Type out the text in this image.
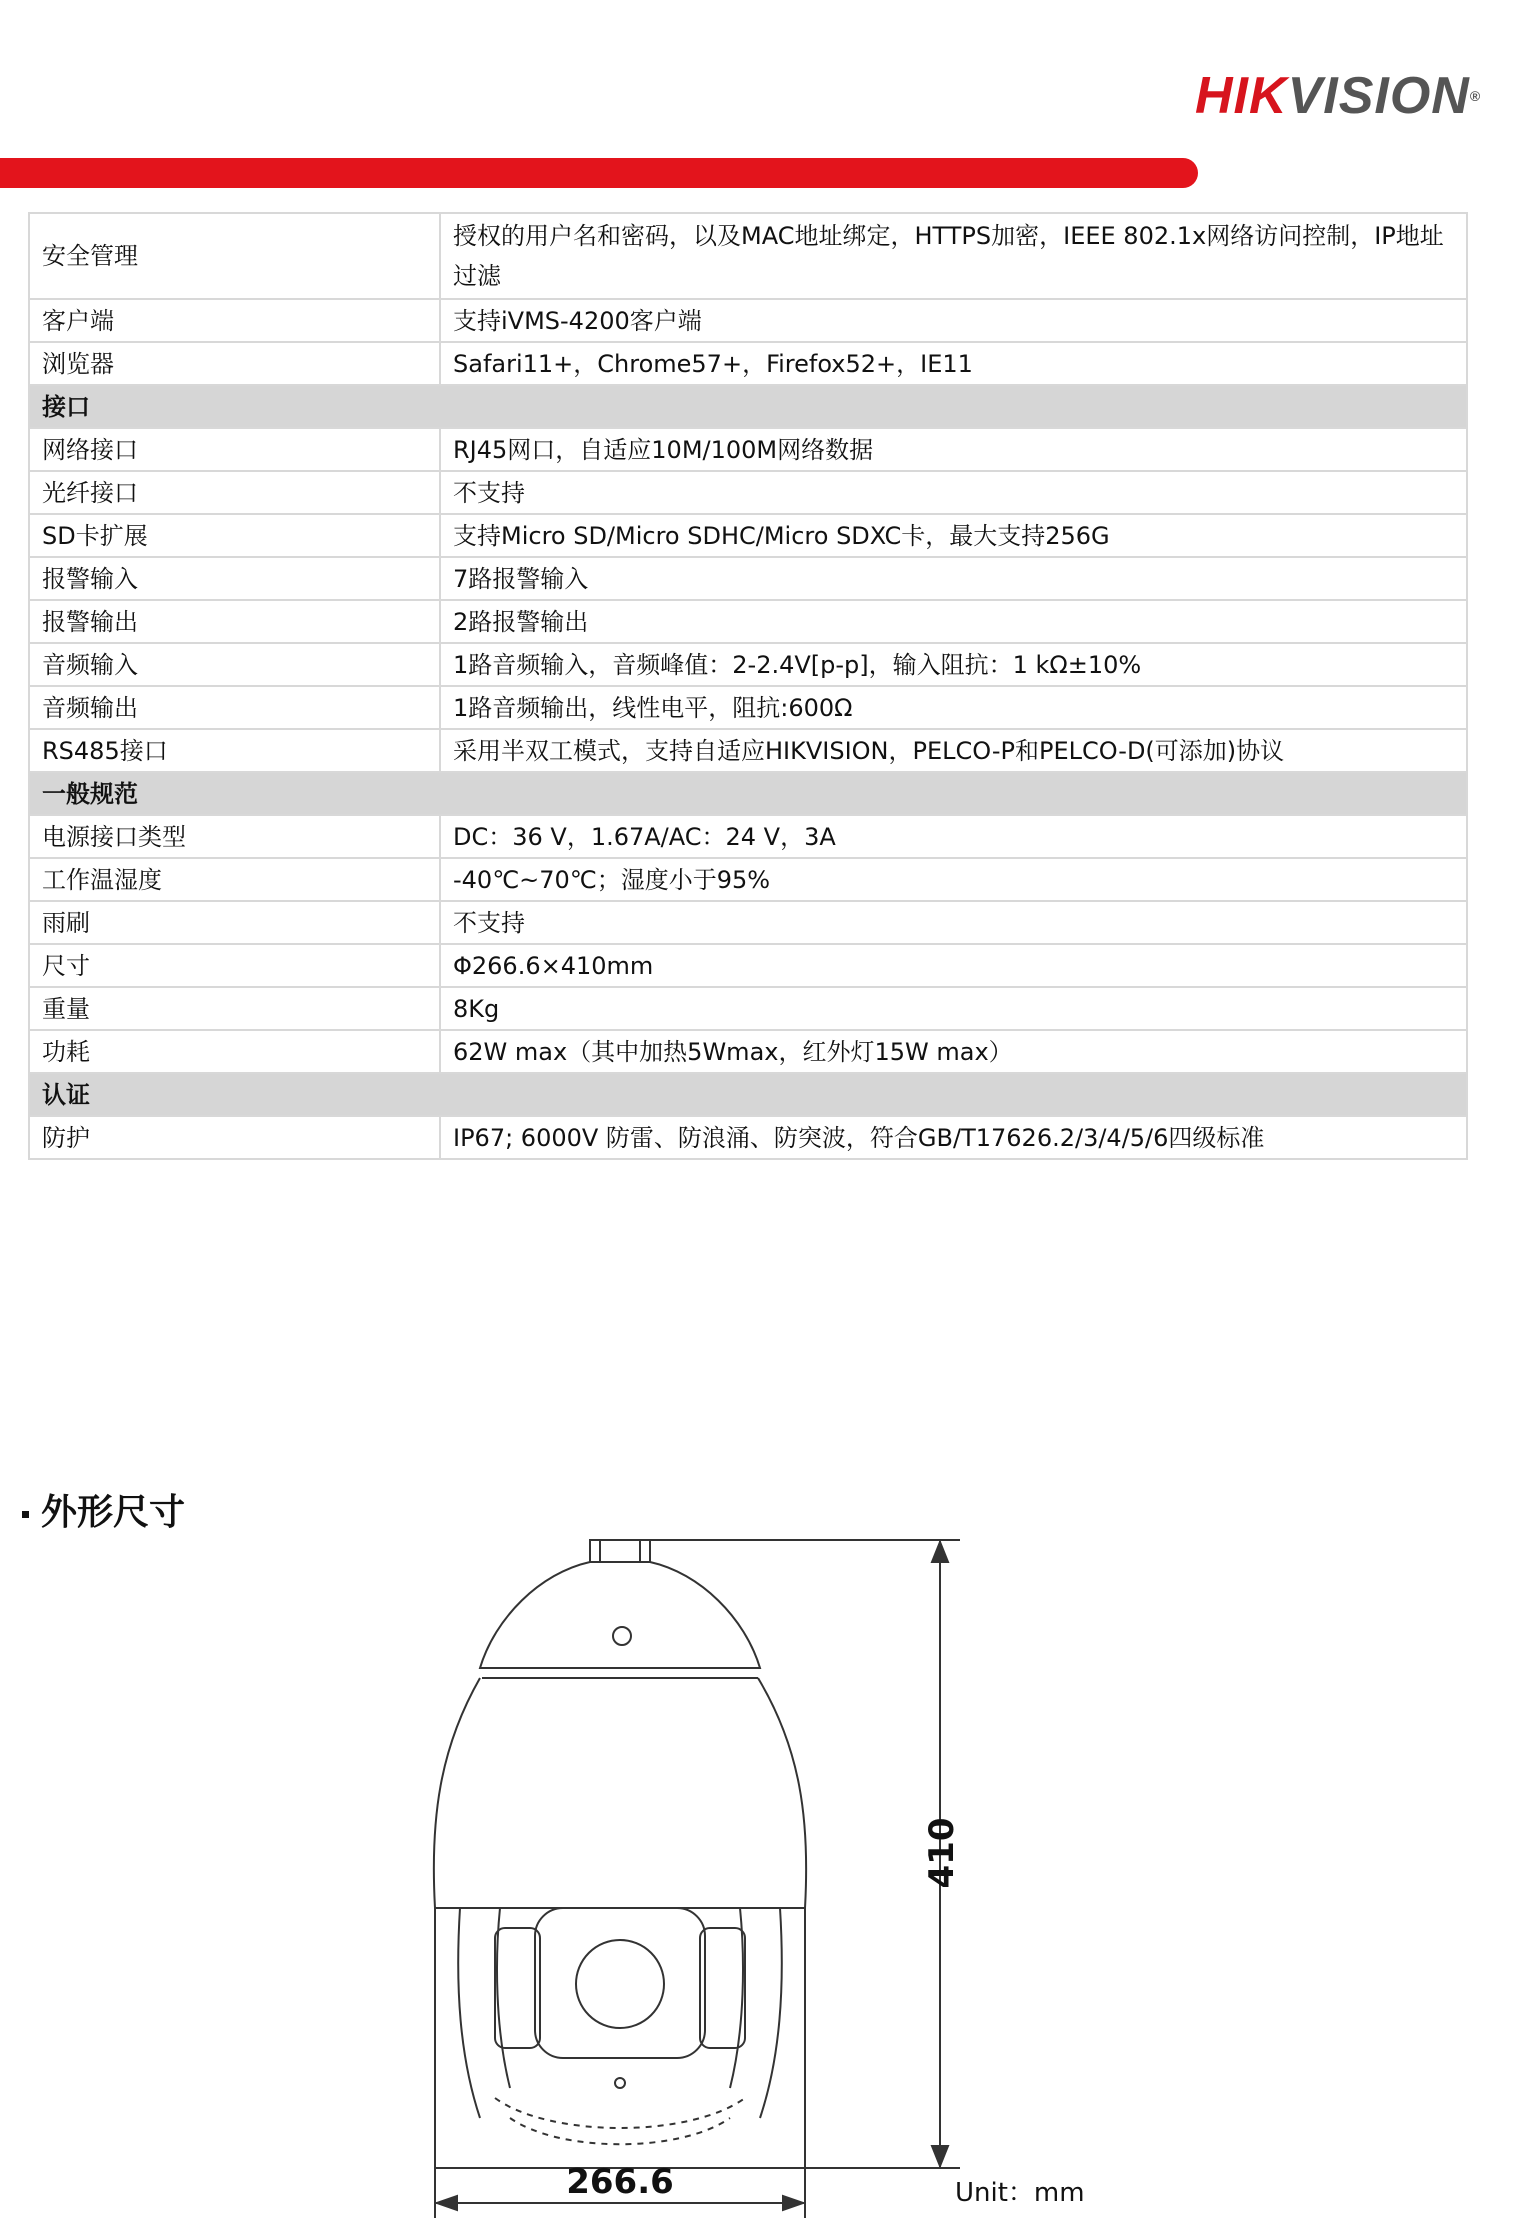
HIKVISION®
安全管理	授权的用户名和密码，以及MAC地址绑定，HTTPS加密，IEEE 802.1x网络访问控制，IP地址过滤
客户端	支持iVMS-4200客户端
浏览器	Safari11+，Chrome57+，Firefox52+，IE11
接口	
网络接口	RJ45网口，自适应10M/100M网络数据
光纤接口	不支持
SD卡扩展	支持Micro SD/Micro SDHC/Micro SDXC卡，最大支持256G
报警输入	7路报警输入
报警输出	2路报警输出
音频输入	1路音频输入，音频峰值：2-2.4V[p-p]，输入阻抗：1 kΩ±10%
音频输出	1路音频输出，线性电平，阻抗:600Ω
RS485接口	采用半双工模式，支持自适应HIKVISION，PELCO-P和PELCO-D(可添加)协议
一般规范	
电源接口类型	DC：36 V，1.67A/AC：24 V，3A
工作温湿度	-40℃~70℃；湿度小于95%
雨刷	不支持
尺寸	Φ266.6×410mm
重量	8Kg
功耗	62W max（其中加热5Wmax，红外灯15W max）
认证	
防护	IP67; 6000V 防雷、防浪涌、防突波，符合GB/T17626.2/3/4/5/6四级标准
外形尺寸
410
266.6	Unit：mm
